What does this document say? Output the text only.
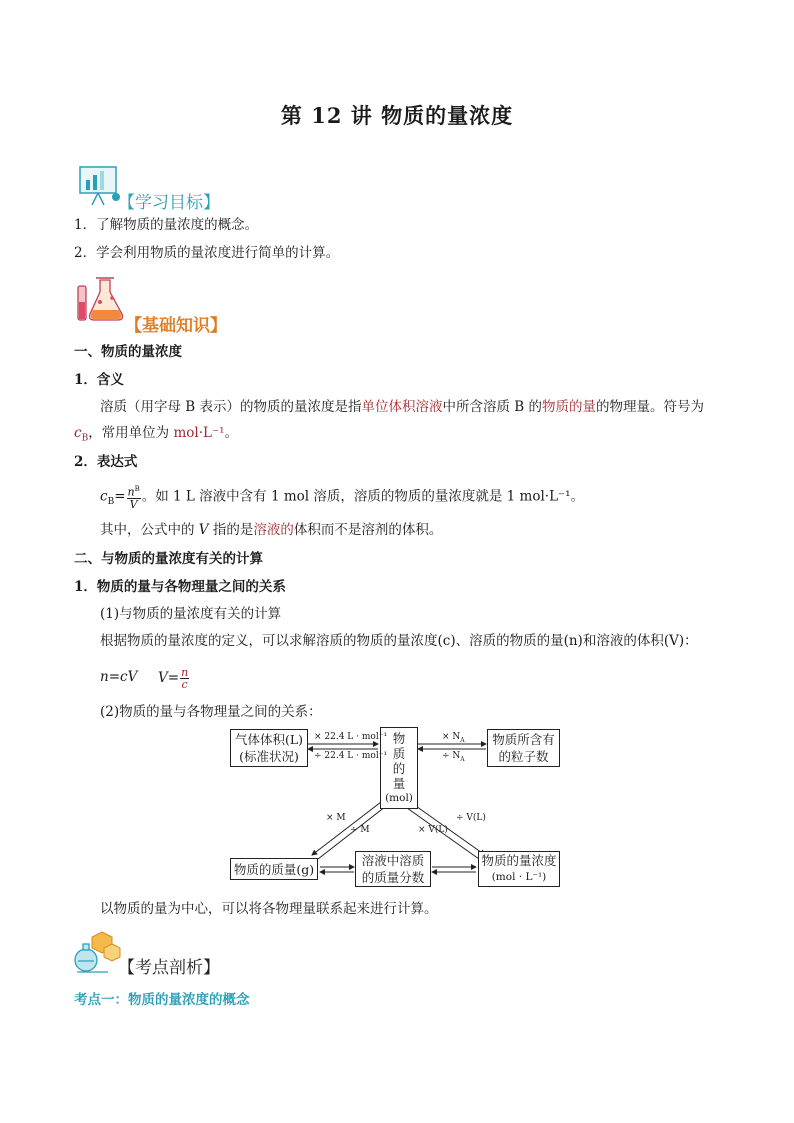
第 12 讲 物质的量浓度
【学习目标】
1．了解物质的量浓度的概念。
2．学会利用物质的量浓度进行简单的计算。
【基础知识】
一、物质的量浓度
1．含义
溶质（用字母 B 表示）的物质的量浓度是指单位体积溶液中所含溶质 B 的物质的量的物理量。符号为
$c_B$，常用单位为 mol·L⁻¹。
2．表达式
$c_B= \frac{n^B}{V}$ 。如 1 L 溶液中含有 1 mol 溶质，溶质的物质的量浓度就是 1 mol·L⁻¹。
其中，公式中的 V 指的是溶液的体积而不是溶剂的体积。
二、与物质的量浓度有关的计算
1．物质的量与各物理量之间的关系
(1)与物质的量浓度有关的计算
根据物质的量浓度的定义，可以求解溶质的物质的量浓度(c)、溶质的物质的量(n)和溶液的体积(V)：
n=cV $V= \frac{n}{c}$
(2)物质的量与各物理量之间的关系：
气体体积(L)
(标准状况)
物
质
的
量
(mol)
物质所含有
的粒子数
物质的质量(g)
溶液中溶质
的质量分数
物质的量浓度
(mol · L⁻¹)
× 22.4 L · mol⁻¹
÷ 22.4 L · mol⁻¹
× $N_A$
÷ $N_A$
× M
÷ M
÷ V(L)
× V(L)
以物质的量为中心，可以将各物理量联系起来进行计算。
【考点剖析】
考点一：物质的量浓度的概念
